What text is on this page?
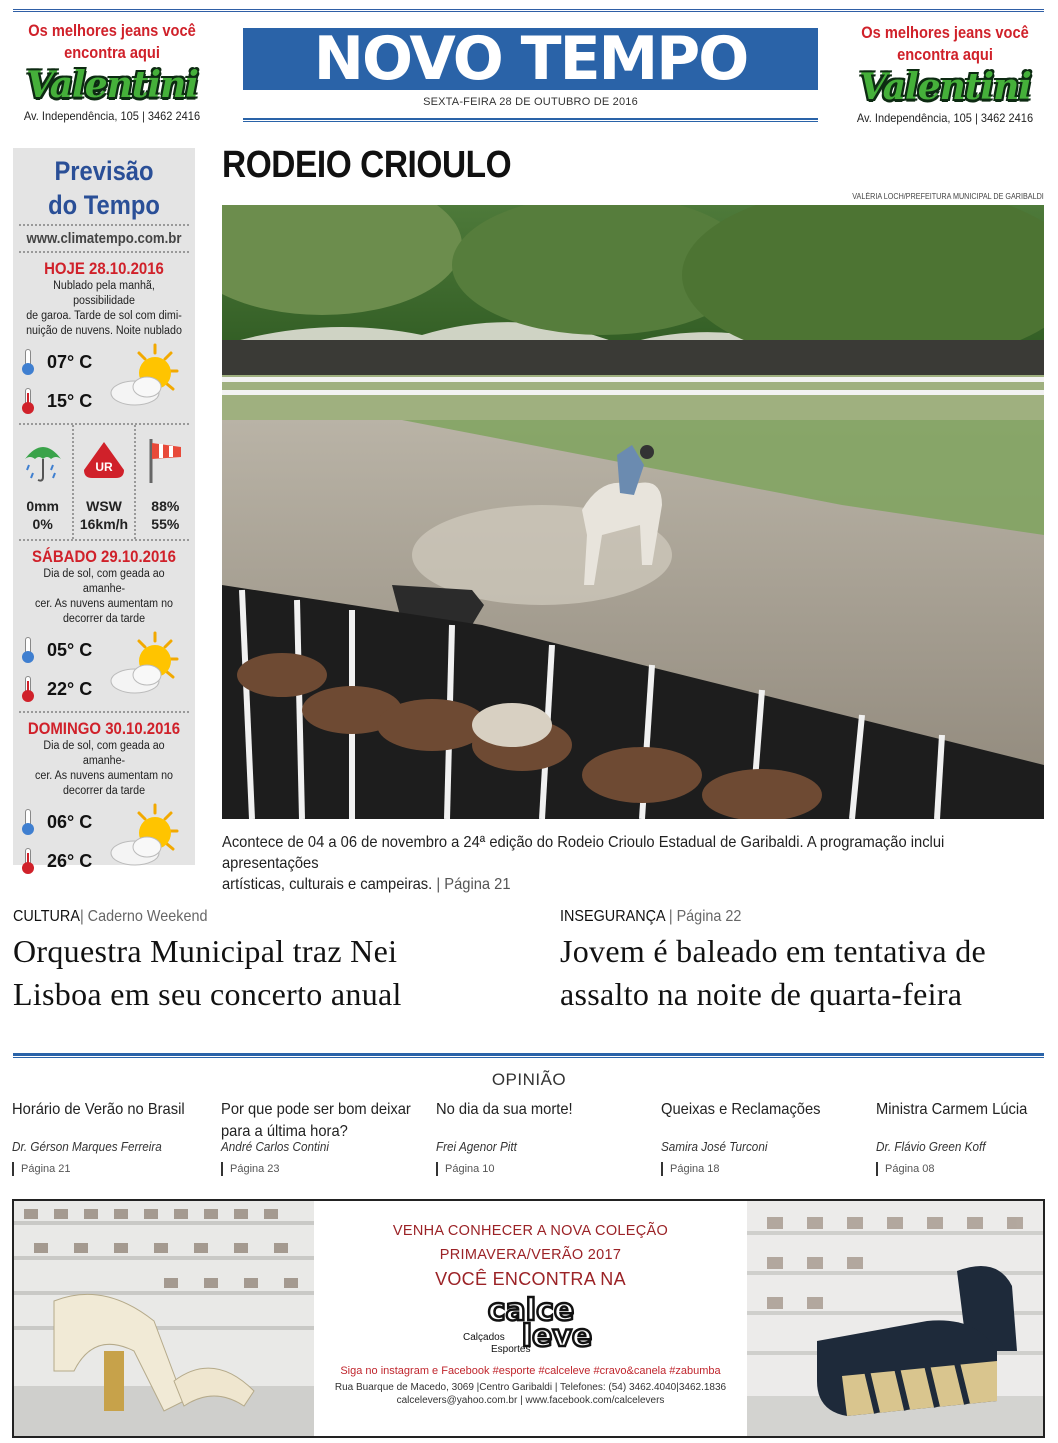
Os melhores jeans você
encontra aqui
Valentini
Av. Independência, 105 | 3462 2416
Os melhores jeans você
encontra aqui
Valentini
Av. Independência, 105 | 3462 2416
NOVO TEMPO
SEXTA-FEIRA 28 DE OUTUBRO DE 2016
Previsão
do Tempo
www.climatempo.com.br
HOJE 28.10.2016
Nublado pela manhã, possibilidade
de garoa. Tarde de sol com dimi-
nuição de nuvens. Noite nublado
07° C
15° C
0mm
0%
UR
WSW
16km/h
88%
55%
SÁBADO 29.10.2016
Dia de sol, com geada ao amanhe-
cer. As nuvens aumentam no
decorrer da tarde
05° C
22° C
DOMINGO 30.10.2016
Dia de sol, com geada ao amanhe-
cer. As nuvens aumentam no
decorrer da tarde
06° C
26° C
RODEIO CRIOULO
VALÉRIA LOCH/PREFEITURA MUNICIPAL DE GARIBALDI
Acontece de 04 a 06 de novembro a 24ª edição do Rodeio Crioulo Estadual de Garibaldi. A programação inclui apresentações
artísticas, culturais e campeiras. | Página 21
CULTURA| Caderno Weekend
Orquestra Municipal traz Nei
Lisboa em seu concerto anual
INSEGURANÇA | Página 22
Jovem é baleado em tentativa de
assalto na noite de quarta-feira
OPINIÃO
Horário de Verão no Brasil
Dr. Gérson Marques Ferreira
Página 21
Por que pode ser bom deixar para a última hora?
André Carlos Contini
Página 23
No dia da sua morte!
Frei Agenor Pitt
Página 10
Queixas e Reclamações
Samira José Turconi
Página 18
Ministra Carmem Lúcia
Dr. Flávio Green Koff
Página 08
VENHA CONHECER A NOVA COLEÇÃO
PRIMAVERA/VERÃO 2017
VOCÊ ENCONTRA NA
calce
leve
Calçados
Esportes
Siga no instagram e Facebook #esporte #calceleve #cravo&canela #zabumba
Rua Buarque de Macedo, 3069 |Centro Garibaldi | Telefones: (54) 3462.4040|3462.1836
calcelevers@yahoo.com.br | www.facebook.com/calcelevers
